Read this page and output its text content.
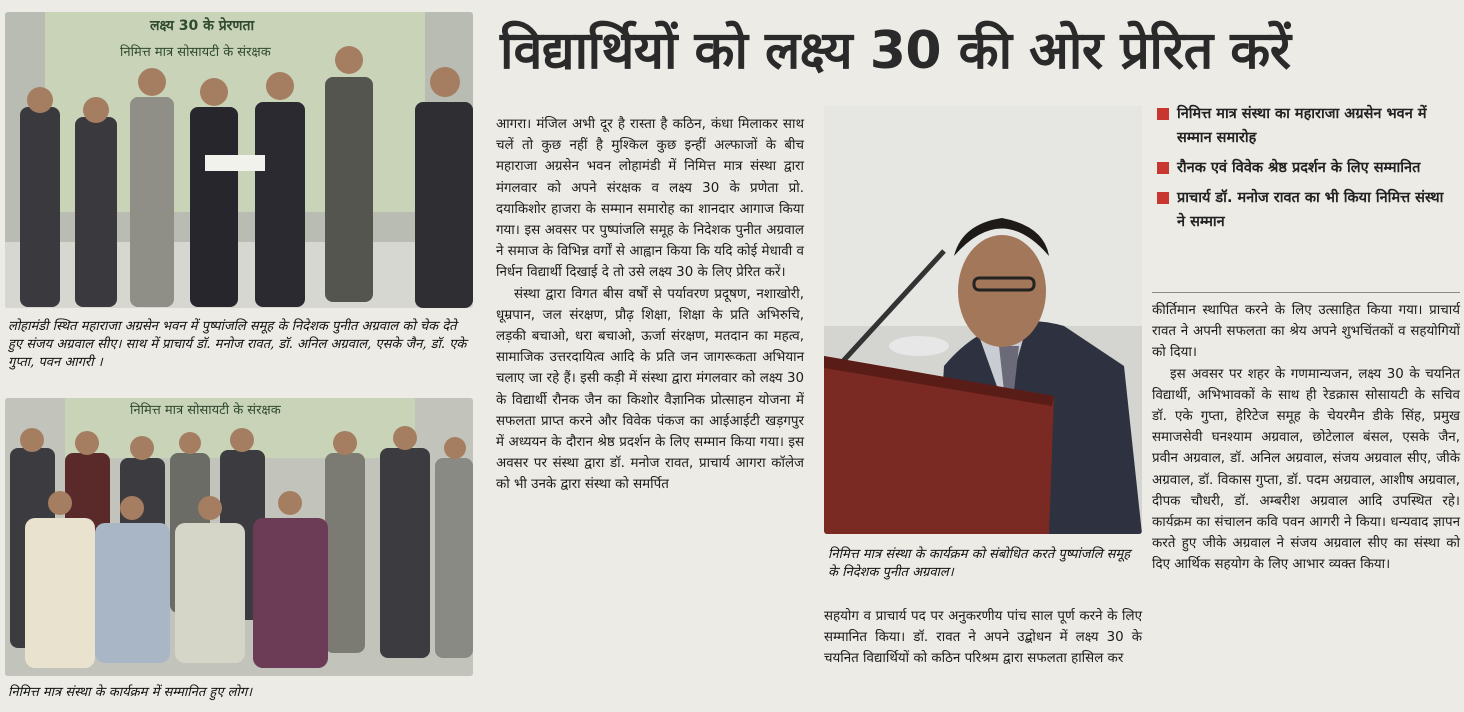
विद्यार्थियों को लक्ष्य 30 की ओर प्रेरित करें
लक्ष्य 30 के प्रेरणता
निमित्त मात्र सोसायटी के संरक्षक
लोहामंडी स्थित महाराजा अग्रसेन भवन में पुष्पांजलि समूह के निदेशक पुनीत अग्रवाल को चेक देते हुए संजय अग्रवाल सीए। साथ में प्राचार्य डॉ. मनोज रावत, डॉ. अनिल अग्रवाल, एसके जैन, डॉ. एके गुप्ता, पवन आगरी ।
निमित्त मात्र सोसायटी के संरक्षक
निमित्त मात्र संस्था के कार्यक्रम में सम्मानित हुए लोग।

आगरा। मंजिल अभी दूर है रास्ता है कठिन, कंधा मिलाकर साथ चलें तो कुछ नहीं है मुश्किल कुछ इन्हीं अल्फाजों के बीच महाराजा अग्रसेन भवन लोहामंडी में निमित्त मात्र संस्था द्वारा मंगलवार को अपने संरक्षक व लक्ष्य 30 के प्रणेता प्रो. दयाकिशोर हाजरा के सम्मान समारोह का शानदार आगाज किया गया। इस अवसर पर पुष्पांजलि समूह के निदेशक पुनीत अग्रवाल ने समाज के विभिन्न वर्गों से आह्वान किया कि यदि कोई मेधावी व निर्धन विद्यार्थी दिखाई दे तो उसे लक्ष्य 30 के लिए प्रेरित करें।

संस्था द्वारा विगत बीस वर्षों से पर्यावरण प्रदूषण, नशाखोरी, धूम्रपान, जल संरक्षण, प्रौढ़ शिक्षा, शिक्षा के प्रति अभिरुचि, लड़की बचाओ, धरा बचाओ, ऊर्जा संरक्षण, मतदान का महत्व, सामाजिक उत्तरदायित्व आदि के प्रति जन जागरूकता अभियान चलाए जा रहे हैं। इसी कड़ी में संस्था द्वारा मंगलवार को लक्ष्य 30 के विद्यार्थी रौनक जैन का किशोर वैज्ञानिक प्रोत्साहन योजना में सफलता प्राप्त करने और विवेक पंकज का आईआईटी खड़गपुर में अध्ययन के दौरान श्रेष्ठ प्रदर्शन के लिए सम्मान किया गया। इस अवसर पर संस्था द्वारा डॉ. मनोज रावत, प्राचार्य आगरा कॉलेज को भी उनके द्वारा संस्था को समर्पित

निमित्त मात्र संस्था के कार्यक्रम को संबोधित करते पुष्पांजलि समूह के निदेशक पुनीत अग्रवाल।

सहयोग व प्राचार्य पद पर अनुकरणीय पांच साल पूर्ण करने के लिए सम्मानित किया। डॉ. रावत ने अपने उद्बोधन में लक्ष्य 30 के चयनित विद्यार्थियों को कठिन परिश्रम द्वारा सफलता हासिल कर

निमित्त मात्र संस्था का महाराजा अग्रसेन भवन में सम्मान समारोह
रौनक एवं विवेक श्रेष्ठ प्रदर्शन के लिए सम्मानित
प्राचार्य डॉ. मनोज रावत का भी किया निमित्त संस्था ने सम्मान

कीर्तिमान स्थापित करने के लिए उत्साहित किया गया। प्राचार्य रावत ने अपनी सफलता का श्रेय अपने शुभचिंतकों व सहयोगियों को दिया।

इस अवसर पर शहर के गणमान्यजन, लक्ष्य 30 के चयनित विद्यार्थी, अभिभावकों के साथ ही रेडक्रास सोसायटी के सचिव डॉ. एके गुप्ता, हेरिटेज समूह के चेयरमैन डीके सिंह, प्रमुख समाजसेवी घनश्याम अग्रवाल, छोटेलाल बंसल, एसके जैन, प्रवीन अग्रवाल, डॉ. अनिल अग्रवाल, संजय अग्रवाल सीए, जीके अग्रवाल, डॉ. विकास गुप्ता, डॉ. पदम अग्रवाल, आशीष अग्रवाल, दीपक चौधरी, डॉ. अम्बरीश अग्रवाल आदि उपस्थित रहे। कार्यक्रम का संचालन कवि पवन आगरी ने किया। धन्यवाद ज्ञापन करते हुए जीके अग्रवाल ने संजय अग्रवाल सीए का संस्था को दिए आर्थिक सहयोग के लिए आभार व्यक्त किया।
